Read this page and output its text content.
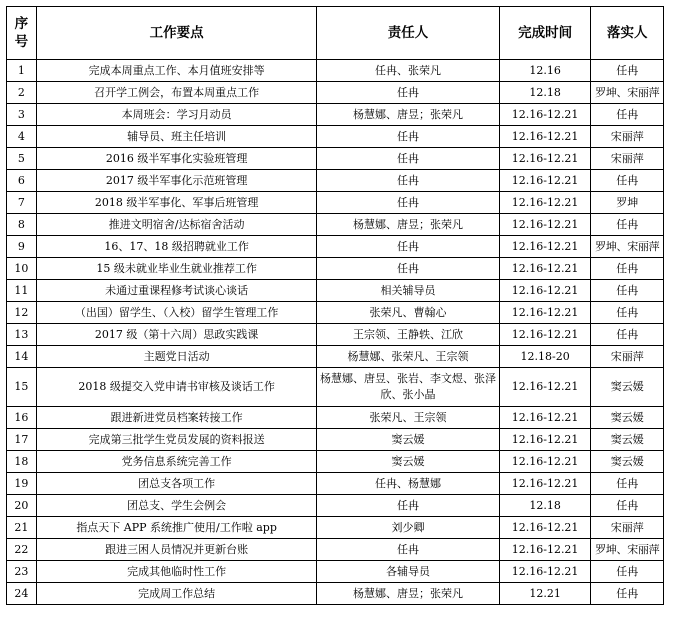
序号	工作要点	责任人	完成时间	落实人
1	完成本周重点工作、本月值班安排等	任冉、张荣凡	12.16	任冉
2	召开学工例会，布置本周重点工作	任冉	12.18	罗坤、宋丽萍
3	本周班会：学习月动员	杨慧娜、唐昱；张荣凡	12.16-12.21	任冉
4	辅导员、班主任培训	任冉	12.16-12.21	宋丽萍
5	2016 级半军事化实验班管理	任冉	12.16-12.21	宋丽萍
6	2017 级半军事化示范班管理	任冉	12.16-12.21	任冉
7	2018 级半军事化、军事后班管理	任冉	12.16-12.21	罗坤
8	推进文明宿舍/达标宿舍活动	杨慧娜、唐昱；张荣凡	12.16-12.21	任冉
9	16、17、18 级招聘就业工作	任冉	12.16-12.21	罗坤、宋丽萍
10	15 级未就业毕业生就业推荐工作	任冉	12.16-12.21	任冉
11	未通过重课程修考试谈心谈话	相关辅导员	12.16-12.21	任冉
12	（出国）留学生、（入校）留学生管理工作	张荣凡、曹翰心	12.16-12.21	任冉
13	2017 级（第十六周）思政实践课	王宗领、王静轶、江欣	12.16-12.21	任冉
14	主题党日活动	杨慧娜、张荣凡、王宗领	12.18-20	宋丽萍
15	2018 级提交入党申请书审核及谈话工作	杨慧娜、唐昱、张岩、李文煜、张泽欣、张小晶	12.16-12.21	窦云媛
16	跟进新进党员档案转接工作	张荣凡、王宗领	12.16-12.21	窦云媛
17	完成第三批学生党员发展的资料报送	窦云媛	12.16-12.21	窦云媛
18	党务信息系统完善工作	窦云媛	12.16-12.21	窦云媛
19	团总支各项工作	任冉、杨慧娜	12.16-12.21	任冉
20	团总支、学生会例会	任冉	12.18	任冉
21	指点天下 APP 系统推广使用/工作啦 app	刘少卿	12.16-12.21	宋丽萍
22	跟进三困人员情况并更新台账	任冉	12.16-12.21	罗坤、宋丽萍
23	完成其他临时性工作	各辅导员	12.16-12.21	任冉
24	完成周工作总结	杨慧娜、唐昱；张荣凡	12.21	任冉
